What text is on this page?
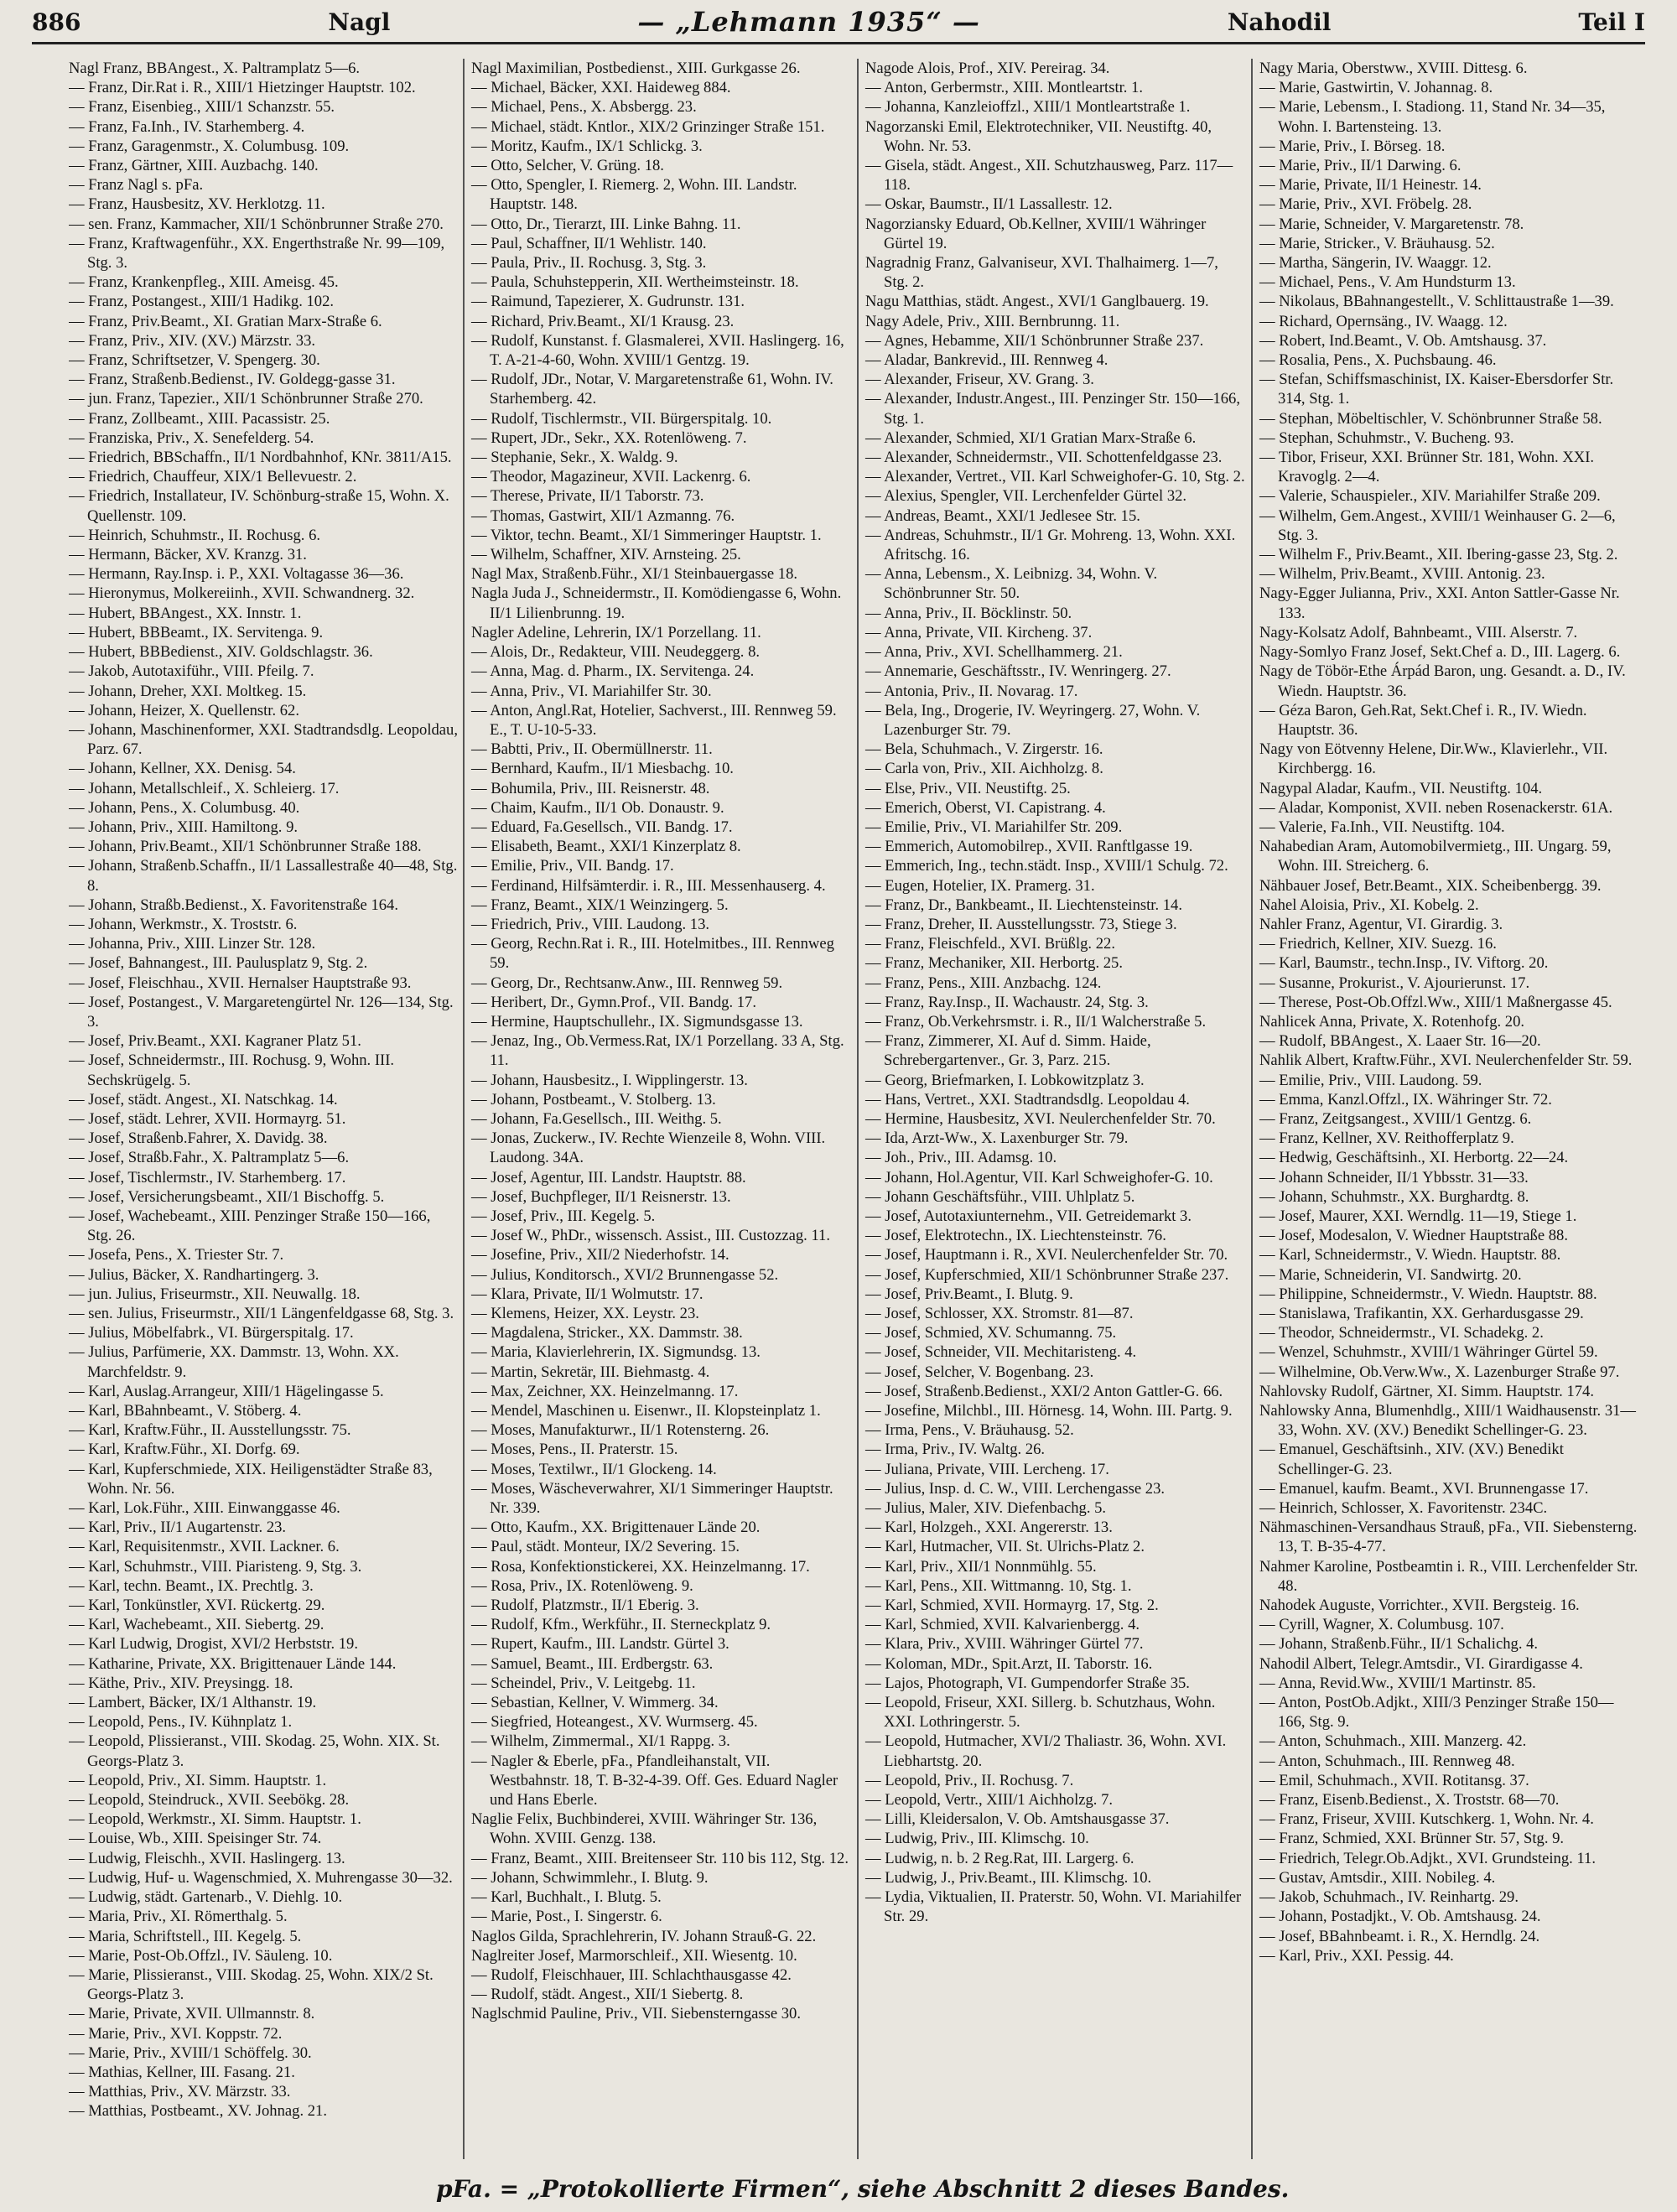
886	Nagl	— „Lehmann 1935“ —	Nahodil	Teil I
Nagl Franz, BBAngest., X. Paltramplatz 5—6.
— Franz, Dir.Rat i. R., XIII/1 Hietzinger Hauptstr. 102.
— Franz, Eisenbieg., XIII/1 Schanzstr. 55.
— Franz, Fa.Inh., IV. Starhemberg. 4.
— Franz, Garagenmstr., X. Columbusg. 109.
— Franz, Gärtner, XIII. Auzbachg. 140.
— Franz Nagl s. pFa.
— Franz, Hausbesitz, XV. Herklotzg. 11.
— sen. Franz, Kammacher, XII/1 Schönbrunner Straße 270.
— Franz, Kraftwagenführ., XX. Engerthstraße Nr. 99—109, Stg. 3.
— Franz, Krankenpfleg., XIII. Ameisg. 45.
— Franz, Postangest., XIII/1 Hadikg. 102.
— Franz, Priv.Beamt., XI. Gratian Marx-Straße 6.
— Franz, Priv., XIV. (XV.) Märzstr. 33.
— Franz, Schriftsetzer, V. Spengerg. 30.
— Franz, Straßenb.Bedienst., IV. Goldegg-gasse 31.
— jun. Franz, Tapezier., XII/1 Schönbrunner Straße 270.
— Franz, Zollbeamt., XIII. Pacassistr. 25.
— Franziska, Priv., X. Senefelderg. 54.
— Friedrich, BBSchaffn., II/1 Nordbahnhof, KNr. 3811/A15.
— Friedrich, Chauffeur, XIX/1 Bellevuestr. 2.
— Friedrich, Installateur, IV. Schönburg-straße 15, Wohn. X. Quellenstr. 109.
— Heinrich, Schuhmstr., II. Rochusg. 6.
— Hermann, Bäcker, XV. Kranzg. 31.
— Hermann, Ray.Insp. i. P., XXI. Voltagasse 36—36.
— Hieronymus, Molkereiinh., XVII. Schwandnerg. 32.
— Hubert, BBAngest., XX. Innstr. 1.
— Hubert, BBBeamt., IX. Servitenga. 9.
— Hubert, BBBedienst., XIV. Goldschlagstr. 36.
— Jakob, Autotaxiführ., VIII. Pfeilg. 7.
— Johann, Dreher, XXI. Moltkeg. 15.
— Johann, Heizer, X. Quellenstr. 62.
— Johann, Maschinenformer, XXI. Stadtrandsdlg. Leopoldau, Parz. 67.
— Johann, Kellner, XX. Denisg. 54.
— Johann, Metallschleif., X. Schleierg. 17.
— Johann, Pens., X. Columbusg. 40.
— Johann, Priv., XIII. Hamiltong. 9.
— Johann, Priv.Beamt., XII/1 Schönbrunner Straße 188.
— Johann, Straßenb.Schaffn., II/1 Lassallestraße 40—48, Stg. 8.
— Johann, Straßb.Bedienst., X. Favoritenstraße 164.
— Johann, Werkmstr., X. Troststr. 6.
— Johanna, Priv., XIII. Linzer Str. 128.
— Josef, Bahnangest., III. Paulusplatz 9, Stg. 2.
— Josef, Fleischhau., XVII. Hernalser Hauptstraße 93.
— Josef, Postangest., V. Margaretengürtel Nr. 126—134, Stg. 3.
— Josef, Priv.Beamt., XXI. Kagraner Platz 51.
— Josef, Schneidermstr., III. Rochusg. 9, Wohn. III. Sechskrügelg. 5.
— Josef, städt. Angest., XI. Natschkag. 14.
— Josef, städt. Lehrer, XVII. Hormayrg. 51.
— Josef, Straßenb.Fahrer, X. Davidg. 38.
— Josef, Straßb.Fahr., X. Paltramplatz 5—6.
— Josef, Tischlermstr., IV. Starhemberg. 17.
— Josef, Versicherungsbeamt., XII/1 Bischoffg. 5.
— Josef, Wachebeamt., XIII. Penzinger Straße 150—166, Stg. 26.
— Josefa, Pens., X. Triester Str. 7.
— Julius, Bäcker, X. Randhartingerg. 3.
— jun. Julius, Friseurmstr., XII. Neuwallg. 18.
— sen. Julius, Friseurmstr., XII/1 Längenfeldgasse 68, Stg. 3.
— Julius, Möbelfabrk., VI. Bürgerspitalg. 17.
— Julius, Parfümerie, XX. Dammstr. 13, Wohn. XX. Marchfeldstr. 9.
— Karl, Auslag.Arrangeur, XIII/1 Hägelingasse 5.
— Karl, BBahnbeamt., V. Stöberg. 4.
— Karl, Kraftw.Führ., II. Ausstellungsstr. 75.
— Karl, Kraftw.Führ., XI. Dorfg. 69.
— Karl, Kupferschmiede, XIX. Heiligenstädter Straße 83, Wohn. Nr. 56.
— Karl, Lok.Führ., XIII. Einwanggasse 46.
— Karl, Priv., II/1 Augartenstr. 23.
— Karl, Requisitenmstr., XVII. Lackner. 6.
— Karl, Schuhmstr., VIII. Piaristeng. 9, Stg. 3.
— Karl, techn. Beamt., IX. Prechtlg. 3.
— Karl, Tonkünstler, XVI. Rückertg. 29.
— Karl, Wachebeamt., XII. Siebertg. 29.
— Karl Ludwig, Drogist, XVI/2 Herbststr. 19.
— Katharine, Private, XX. Brigittenauer Lände 144.
— Käthe, Priv., XIV. Preysingg. 18.
— Lambert, Bäcker, IX/1 Althanstr. 19.
— Leopold, Pens., IV. Kühnplatz 1.
— Leopold, Plissieranst., VIII. Skodag. 25, Wohn. XIX. St. Georgs-Platz 3.
— Leopold, Priv., XI. Simm. Hauptstr. 1.
— Leopold, Steindruck., XVII. Seebökg. 28.
— Leopold, Werkmstr., XI. Simm. Hauptstr. 1.
— Louise, Wb., XIII. Speisinger Str. 74.
— Ludwig, Fleischh., XVII. Haslingerg. 13.
— Ludwig, Huf- u. Wagenschmied, X. Muhrengasse 30—32.
— Ludwig, städt. Gartenarb., V. Diehlg. 10.
— Maria, Priv., XI. Römerthalg. 5.
— Maria, Schriftstell., III. Kegelg. 5.
— Marie, Post-Ob.Offzl., IV. Säuleng. 10.
— Marie, Plissieranst., VIII. Skodag. 25, Wohn. XIX/2 St. Georgs-Platz 3.
— Marie, Private, XVII. Ullmannstr. 8.
— Marie, Priv., XVI. Koppstr. 72.
— Marie, Priv., XVIII/1 Schöffelg. 30.
— Mathias, Kellner, III. Fasang. 21.
— Matthias, Priv., XV. Märzstr. 33.
— Matthias, Postbeamt., XV. Johnag. 21.
Nagl Maximilian, Postbedienst., XIII. Gurkgasse 26.
— Michael, Bäcker, XXI. Haideweg 884.
— Michael, Pens., X. Absbergg. 23.
— Michael, städt. Kntlor., XIX/2 Grinzinger Straße 151.
— Moritz, Kaufm., IX/1 Schlickg. 3.
— Otto, Selcher, V. Grüng. 18.
— Otto, Spengler, I. Riemerg. 2, Wohn. III. Landstr. Hauptstr. 148.
— Otto, Dr., Tierarzt, III. Linke Bahng. 11.
— Paul, Schaffner, II/1 Wehlistr. 140.
— Paula, Priv., II. Rochusg. 3, Stg. 3.
— Paula, Schuhstepperin, XII. Wertheimsteinstr. 18.
— Raimund, Tapezierer, X. Gudrunstr. 131.
— Richard, Priv.Beamt., XI/1 Krausg. 23.
— Rudolf, Kunstanst. f. Glasmalerei, XVII. Haslingerg. 16, T. A-21-4-60, Wohn. XVIII/1 Gentzg. 19.
— Rudolf, JDr., Notar, V. Margaretenstraße 61, Wohn. IV. Starhemberg. 42.
— Rudolf, Tischlermstr., VII. Bürgerspitalg. 10.
— Rupert, JDr., Sekr., XX. Rotenlöweng. 7.
— Stephanie, Sekr., X. Waldg. 9.
— Theodor, Magazineur, XVII. Lackenrg. 6.
— Therese, Private, II/1 Taborstr. 73.
— Thomas, Gastwirt, XII/1 Azmanng. 76.
— Viktor, techn. Beamt., XI/1 Simmeringer Hauptstr. 1.
— Wilhelm, Schaffner, XIV. Arnsteing. 25.
Nagl Max, Straßenb.Führ., XI/1 Steinbauergasse 18.
Nagla Juda J., Schneidermstr., II. Komödiengasse 6, Wohn. II/1 Lilienbrunng. 19.
Nagler Adeline, Lehrerin, IX/1 Porzellang. 11.
— Alois, Dr., Redakteur, VIII. Neudeggerg. 8.
— Anna, Mag. d. Pharm., IX. Servitenga. 24.
— Anna, Priv., VI. Mariahilfer Str. 30.
— Anton, Angl.Rat, Hotelier, Sachverst., III. Rennweg 59. E., T. U-10-5-33.
— Babtti, Priv., II. Obermüllnerstr. 11.
— Bernhard, Kaufm., II/1 Miesbachg. 10.
— Bohumila, Priv., III. Reisnerstr. 48.
— Chaim, Kaufm., II/1 Ob. Donaustr. 9.
— Eduard, Fa.Gesellsch., VII. Bandg. 17.
— Elisabeth, Beamt., XXI/1 Kinzerplatz 8.
— Emilie, Priv., VII. Bandg. 17.
— Ferdinand, Hilfsämterdir. i. R., III. Messenhauserg. 4.
— Franz, Beamt., XIX/1 Weinzingerg. 5.
— Friedrich, Priv., VIII. Laudong. 13.
— Georg, Rechn.Rat i. R., III. Hotelmitbes., III. Rennweg 59.
— Georg, Dr., Rechtsanw.Anw., III. Rennweg 59.
— Heribert, Dr., Gymn.Prof., VII. Bandg. 17.
— Hermine, Hauptschullehr., IX. Sigmundsgasse 13.
— Jenaz, Ing., Ob.Vermess.Rat, IX/1 Porzellang. 33 A, Stg. 11.
— Johann, Hausbesitz., I. Wipplingerstr. 13.
— Johann, Postbeamt., V. Stolberg. 13.
— Johann, Fa.Gesellsch., III. Weithg. 5.
— Jonas, Zuckerw., IV. Rechte Wienzeile 8, Wohn. VIII. Laudong. 34A.
— Josef, Agentur, III. Landstr. Hauptstr. 88.
— Josef, Buchpfleger, II/1 Reisnerstr. 13.
— Josef, Priv., III. Kegelg. 5.
— Josef W., PhDr., wissensch. Assist., III. Custozzag. 11.
— Josefine, Priv., XII/2 Niederhofstr. 14.
— Julius, Konditorsch., XVI/2 Brunnengasse 52.
— Klara, Private, II/1 Wolmutstr. 17.
— Klemens, Heizer, XX. Leystr. 23.
— Magdalena, Stricker., XX. Dammstr. 38.
— Maria, Klavierlehrerin, IX. Sigmundsg. 13.
— Martin, Sekretär, III. Biehmastg. 4.
— Max, Zeichner, XX. Heinzelmanng. 17.
— Mendel, Maschinen u. Eisenwr., II. Klopsteinplatz 1.
— Moses, Manufakturwr., II/1 Rotensterng. 26.
— Moses, Pens., II. Praterstr. 15.
— Moses, Textilwr., II/1 Glockeng. 14.
— Moses, Wäscheverwahrer, XI/1 Simmeringer Hauptstr. Nr. 339.
— Otto, Kaufm., XX. Brigittenauer Lände 20.
— Paul, städt. Monteur, IX/2 Severing. 15.
— Rosa, Konfektionstickerei, XX. Heinzelmanng. 17.
— Rosa, Priv., IX. Rotenlöweng. 9.
— Rudolf, Platzmstr., II/1 Eberig. 3.
— Rudolf, Kfm., Werkführ., II. Sterneckplatz 9.
— Rupert, Kaufm., III. Landstr. Gürtel 3.
— Samuel, Beamt., III. Erdbergstr. 63.
— Scheindel, Priv., V. Leitgebg. 11.
— Sebastian, Kellner, V. Wimmerg. 34.
— Siegfried, Hoteangest., XV. Wurmserg. 45.
— Wilhelm, Zimmermal., XI/1 Rappg. 3.
— Nagler & Eberle, pFa., Pfandleihanstalt, VII. Westbahnstr. 18, T. B-32-4-39. Off. Ges. Eduard Nagler und Hans Eberle.
Naglie Felix, Buchbinderei, XVIII. Währinger Str. 136, Wohn. XVIII. Genzg. 138.
— Franz, Beamt., XIII. Breitenseer Str. 110 bis 112, Stg. 12.
— Johann, Schwimmlehr., I. Blutg. 9.
— Karl, Buchhalt., I. Blutg. 5.
— Marie, Post., I. Singerstr. 6.
Naglos Gilda, Sprachlehrerin, IV. Johann Strauß-G. 22.
Naglreiter Josef, Marmorschleif., XII. Wiesentg. 10.
— Rudolf, Fleischhauer, III. Schlachthausgasse 42.
— Rudolf, städt. Angest., XII/1 Siebertg. 8.
Naglschmid Pauline, Priv., VII. Siebensterngasse 30.
Nagode Alois, Prof., XIV. Pereirag. 34.
— Anton, Gerbermstr., XIII. Montleartstr. 1.
— Johanna, Kanzleioffzl., XIII/1 Montleartstraße 1.
Nagorzanski Emil, Elektrotechniker, VII. Neustiftg. 40, Wohn. Nr. 53.
— Gisela, städt. Angest., XII. Schutzhausweg, Parz. 117—118.
— Oskar, Baumstr., II/1 Lassallestr. 12.
Nagorziansky Eduard, Ob.Kellner, XVIII/1 Währinger Gürtel 19.
Nagradnig Franz, Galvaniseur, XVI. Thalhaimerg. 1—7, Stg. 2.
Nagu Matthias, städt. Angest., XVI/1 Ganglbauerg. 19.
Nagy Adele, Priv., XIII. Bernbrunng. 11.
— Agnes, Hebamme, XII/1 Schönbrunner Straße 237.
— Aladar, Bankrevid., III. Rennweg 4.
— Alexander, Friseur, XV. Grang. 3.
— Alexander, Industr.Angest., III. Penzinger Str. 150—166, Stg. 1.
— Alexander, Schmied, XI/1 Gratian Marx-Straße 6.
— Alexander, Schneidermstr., VII. Schottenfeldgasse 23.
— Alexander, Vertret., VII. Karl Schweighofer-G. 10, Stg. 2.
— Alexius, Spengler, VII. Lerchenfelder Gürtel 32.
— Andreas, Beamt., XXI/1 Jedlesee Str. 15.
— Andreas, Schuhmstr., II/1 Gr. Mohreng. 13, Wohn. XXI. Afritschg. 16.
— Anna, Lebensm., X. Leibnizg. 34, Wohn. V. Schönbrunner Str. 50.
— Anna, Priv., II. Böcklinstr. 50.
— Anna, Private, VII. Kircheng. 37.
— Anna, Priv., XVI. Schellhammerg. 21.
— Annemarie, Geschäftsstr., IV. Wenringerg. 27.
— Antonia, Priv., II. Novarag. 17.
— Bela, Ing., Drogerie, IV. Weyringerg. 27, Wohn. V. Lazenburger Str. 79.
— Bela, Schuhmach., V. Zirgerstr. 16.
— Carla von, Priv., XII. Aichholzg. 8.
— Else, Priv., VII. Neustiftg. 25.
— Emerich, Oberst, VI. Capistrang. 4.
— Emilie, Priv., VI. Mariahilfer Str. 209.
— Emmerich, Automobilrep., XVII. Ranftlgasse 19.
— Emmerich, Ing., techn.städt. Insp., XVIII/1 Schulg. 72.
— Eugen, Hotelier, IX. Pramerg. 31.
— Franz, Dr., Bankbeamt., II. Liechtensteinstr. 14.
— Franz, Dreher, II. Ausstellungsstr. 73, Stiege 3.
— Franz, Fleischfeld., XVI. Brüßlg. 22.
— Franz, Mechaniker, XII. Herbortg. 25.
— Franz, Pens., XIII. Anzbachg. 124.
— Franz, Ray.Insp., II. Wachaustr. 24, Stg. 3.
— Franz, Ob.Verkehrsmstr. i. R., II/1 Walcherstraße 5.
— Franz, Zimmerer, XI. Auf d. Simm. Haide, Schrebergartenver., Gr. 3, Parz. 215.
— Georg, Briefmarken, I. Lobkowitzplatz 3.
— Hans, Vertret., XXI. Stadtrandsdlg. Leopoldau 4.
— Hermine, Hausbesitz, XVI. Neulerchenfelder Str. 70.
— Ida, Arzt-Ww., X. Laxenburger Str. 79.
— Joh., Priv., III. Adamsg. 10.
— Johann, Hol.Agentur, VII. Karl Schweighofer-G. 10.
— Johann Geschäftsführ., VIII. Uhlplatz 5.
— Josef, Autotaxiunternehm., VII. Getreidemarkt 3.
— Josef, Elektrotechn., IX. Liechtensteinstr. 76.
— Josef, Hauptmann i. R., XVI. Neulerchenfelder Str. 70.
— Josef, Kupferschmied, XII/1 Schönbrunner Straße 237.
— Josef, Priv.Beamt., I. Blutg. 9.
— Josef, Schlosser, XX. Stromstr. 81—87.
— Josef, Schmied, XV. Schumanng. 75.
— Josef, Schneider, VII. Mechitaristeng. 4.
— Josef, Selcher, V. Bogenbang. 23.
— Josef, Straßenb.Bedienst., XXI/2 Anton Gattler-G. 66.
— Josefine, Milchbl., III. Hörnesg. 14, Wohn. III. Partg. 9.
— Irma, Pens., V. Bräuhausg. 52.
— Irma, Priv., IV. Waltg. 26.
— Juliana, Private, VIII. Lercheng. 17.
— Julius, Insp. d. C. W., VIII. Lerchengasse 23.
— Julius, Maler, XIV. Diefenbachg. 5.
— Karl, Holzgeh., XXI. Angererstr. 13.
— Karl, Hutmacher, VII. St. Ulrichs-Platz 2.
— Karl, Priv., XII/1 Nonnmühlg. 55.
— Karl, Pens., XII. Wittmanng. 10, Stg. 1.
— Karl, Schmied, XVII. Hormayrg. 17, Stg. 2.
— Karl, Schmied, XVII. Kalvarienbergg. 4.
— Klara, Priv., XVIII. Währinger Gürtel 77.
— Koloman, MDr., Spit.Arzt, II. Taborstr. 16.
— Lajos, Photograph, VI. Gumpendorfer Straße 35.
— Leopold, Friseur, XXI. Sillerg. b. Schutzhaus, Wohn. XXI. Lothringerstr. 5.
— Leopold, Hutmacher, XVI/2 Thaliastr. 36, Wohn. XVI. Liebhartstg. 20.
— Leopold, Priv., II. Rochusg. 7.
— Leopold, Vertr., XIII/1 Aichholzg. 7.
— Lilli, Kleidersalon, V. Ob. Amtshausgasse 37.
— Ludwig, Priv., III. Klimschg. 10.
— Ludwig, n. b. 2 Reg.Rat, III. Largerg. 6.
— Ludwig, J., Priv.Beamt., III. Klimschg. 10.
— Lydia, Viktualien, II. Praterstr. 50, Wohn. VI. Mariahilfer Str. 29.
Nagy Maria, Oberstww., XVIII. Dittesg. 6.
— Marie, Gastwirtin, V. Johannag. 8.
— Marie, Lebensm., I. Stadiong. 11, Stand Nr. 34—35, Wohn. I. Bartensteing. 13.
— Marie, Priv., I. Börseg. 18.
— Marie, Priv., II/1 Darwing. 6.
— Marie, Private, II/1 Heinestr. 14.
— Marie, Priv., XVI. Fröbelg. 28.
— Marie, Schneider, V. Margaretenstr. 78.
— Marie, Stricker., V. Bräuhausg. 52.
— Martha, Sängerin, IV. Waaggr. 12.
— Michael, Pens., V. Am Hundsturm 13.
— Nikolaus, BBahnangestellt., V. Schlittaustraße 1—39.
— Richard, Opernsäng., IV. Waagg. 12.
— Robert, Ind.Beamt., V. Ob. Amtshausg. 37.
— Rosalia, Pens., X. Puchsbaung. 46.
— Stefan, Schiffsmaschinist, IX. Kaiser-Ebersdorfer Str. 314, Stg. 1.
— Stephan, Möbeltischler, V. Schönbrunner Straße 58.
— Stephan, Schuhmstr., V. Bucheng. 93.
— Tibor, Friseur, XXI. Brünner Str. 181, Wohn. XXI. Kravoglg. 2—4.
— Valerie, Schauspieler., XIV. Mariahilfer Straße 209.
— Wilhelm, Gem.Angest., XVIII/1 Weinhauser G. 2—6, Stg. 3.
— Wilhelm F., Priv.Beamt., XII. Ibering-gasse 23, Stg. 2.
— Wilhelm, Priv.Beamt., XVIII. Antonig. 23.
Nagy-Egger Julianna, Priv., XXI. Anton Sattler-Gasse Nr. 133.
Nagy-Kolsatz Adolf, Bahnbeamt., VIII. Alserstr. 7.
Nagy-Somlyo Franz Josef, Sekt.Chef a. D., III. Lagerg. 6.
Nagy de Töbör-Ethe Árpád Baron, ung. Gesandt. a. D., IV. Wiedn. Hauptstr. 36.
— Géza Baron, Geh.Rat, Sekt.Chef i. R., IV. Wiedn. Hauptstr. 36.
Nagy von Eötvenny Helene, Dir.Ww., Klavierlehr., VII. Kirchbergg. 16.
Nagypal Aladar, Kaufm., VII. Neustiftg. 104.
— Aladar, Komponist, XVII. neben Rosenackerstr. 61A.
— Valerie, Fa.Inh., VII. Neustiftg. 104.
Nahabedian Aram, Automobilvermietg., III. Ungarg. 59, Wohn. III. Streicherg. 6.
Nähbauer Josef, Betr.Beamt., XIX. Scheibenbergg. 39.
Nahel Aloisia, Priv., XI. Kobelg. 2.
Nahler Franz, Agentur, VI. Girardig. 3.
— Friedrich, Kellner, XIV. Suezg. 16.
— Karl, Baumstr., techn.Insp., IV. Viftorg. 20.
— Susanne, Prokurist., V. Ajourierunst. 17.
— Therese, Post-Ob.Offzl.Ww., XIII/1 Maßnergasse 45.
Nahlicek Anna, Private, X. Rotenhofg. 20.
— Rudolf, BBAngest., X. Laaer Str. 16—20.
Nahlik Albert, Kraftw.Führ., XVI. Neulerchenfelder Str. 59.
— Emilie, Priv., VIII. Laudong. 59.
— Emma, Kanzl.Offzl., IX. Währinger Str. 72.
— Franz, Zeitgsangest., XVIII/1 Gentzg. 6.
— Franz, Kellner, XV. Reithofferplatz 9.
— Hedwig, Geschäftsinh., XI. Herbortg. 22—24.
— Johann Schneider, II/1 Ybbsstr. 31—33.
— Johann, Schuhmstr., XX. Burghardtg. 8.
— Josef, Maurer, XXI. Werndlg. 11—19, Stiege 1.
— Josef, Modesalon, V. Wiedner Hauptstraße 88.
— Karl, Schneidermstr., V. Wiedn. Hauptstr. 88.
— Marie, Schneiderin, VI. Sandwirtg. 20.
— Philippine, Schneidermstr., V. Wiedn. Hauptstr. 88.
— Stanislawa, Trafikantin, XX. Gerhardusgasse 29.
— Theodor, Schneidermstr., VI. Schadekg. 2.
— Wenzel, Schuhmstr., XVIII/1 Währinger Gürtel 59.
— Wilhelmine, Ob.Verw.Ww., X. Lazenburger Straße 97.
Nahlovsky Rudolf, Gärtner, XI. Simm. Hauptstr. 174.
Nahlowsky Anna, Blumenhdlg., XIII/1 Waidhausenstr. 31—33, Wohn. XV. (XV.) Benedikt Schellinger-G. 23.
— Emanuel, Geschäftsinh., XIV. (XV.) Benedikt Schellinger-G. 23.
— Emanuel, kaufm. Beamt., XVI. Brunnengasse 17.
— Heinrich, Schlosser, X. Favoritenstr. 234C.
Nähmaschinen-Versandhaus Strauß, pFa., VII. Siebensterng. 13, T. B-35-4-77.
Nahmer Karoline, Postbeamtin i. R., VIII. Lerchenfelder Str. 48.
Nahodek Auguste, Vorrichter., XVII. Bergsteig. 16.
— Cyrill, Wagner, X. Columbusg. 107.
— Johann, Straßenb.Führ., II/1 Schalichg. 4.
Nahodil Albert, Telegr.Amtsdir., VI. Girardigasse 4.
— Anna, Revid.Ww., XVIII/1 Martinstr. 85.
— Anton, PostOb.Adjkt., XIII/3 Penzinger Straße 150—166, Stg. 9.
— Anton, Schuhmach., XIII. Manzerg. 42.
— Anton, Schuhmach., III. Rennweg 48.
— Emil, Schuhmach., XVII. Rotitansg. 37.
— Franz, Eisenb.Bedienst., X. Troststr. 68—70.
— Franz, Friseur, XVIII. Kutschkerg. 1, Wohn. Nr. 4.
— Franz, Schmied, XXI. Brünner Str. 57, Stg. 9.
— Friedrich, Telegr.Ob.Adjkt., XVI. Grundsteing. 11.
— Gustav, Amtsdir., XIII. Nobileg. 4.
— Jakob, Schuhmach., IV. Reinhartg. 29.
— Johann, Postadjkt., V. Ob. Amtshausg. 24.
— Josef, BBahnbeamt. i. R., X. Herndlg. 24.
— Karl, Priv., XXI. Pessig. 44.
pFa. = „Protokollierte Firmen“, siehe Abschnitt 2 dieses Bandes.
